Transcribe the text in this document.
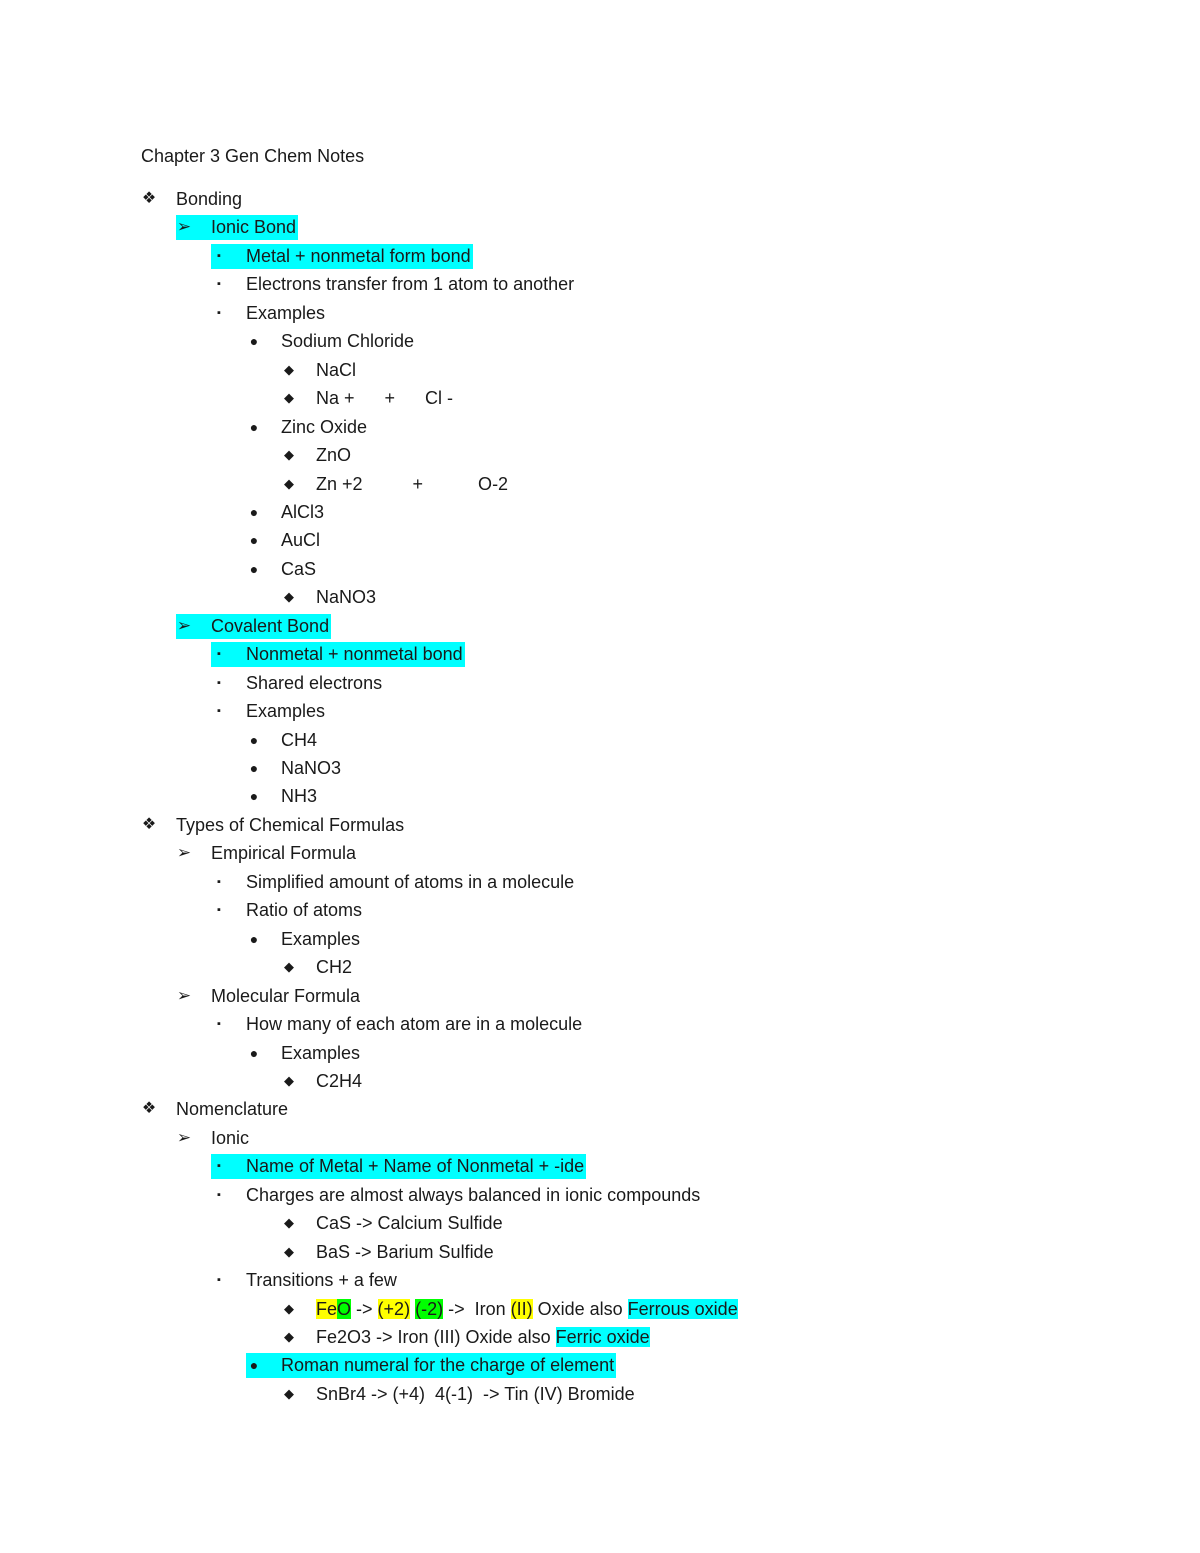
Chapter 3 Gen Chem Notes
❖ Bonding
➢ Ionic Bond
▪	Metal + nonmetal form bond
▪	Electrons transfer from 1 atom to another
▪	Examples
●	Sodium Chloride
◆ NaCl
◆ Na +      +      Cl -
●	Zinc Oxide
◆ ZnO
◆ Zn +2          +           O-2
●	AlCl3
●	AuCl
●	CaS
◆ NaNO3
➢ Covalent Bond
▪	Nonmetal + nonmetal bond
▪	Shared electrons
▪	Examples
●	CH4
●	NaNO3
●	NH3
❖ Types of Chemical Formulas
➢ Empirical Formula
▪	Simplified amount of atoms in a molecule
▪	Ratio of atoms
●	Examples
◆ CH2
➢ Molecular Formula
▪	How many of each atom are in a molecule
●	Examples
◆ C2H4
❖ Nomenclature
➢ Ionic
▪	Name of Metal + Name of Nonmetal + -ide
▪	Charges are almost always balanced in ionic compounds
◆ CaS -> Calcium Sulfide
◆ BaS -> Barium Sulfide
▪	Transitions + a few
◆ FeO -> (+2) (-2) ->  Iron (II) Oxide also Ferrous oxide
◆ Fe2O3 -> Iron (III) Oxide also Ferric oxide
●	Roman numeral for the charge of element
◆ SnBr4 -> (+4)  4(-1)  -> Tin (IV) Bromide
